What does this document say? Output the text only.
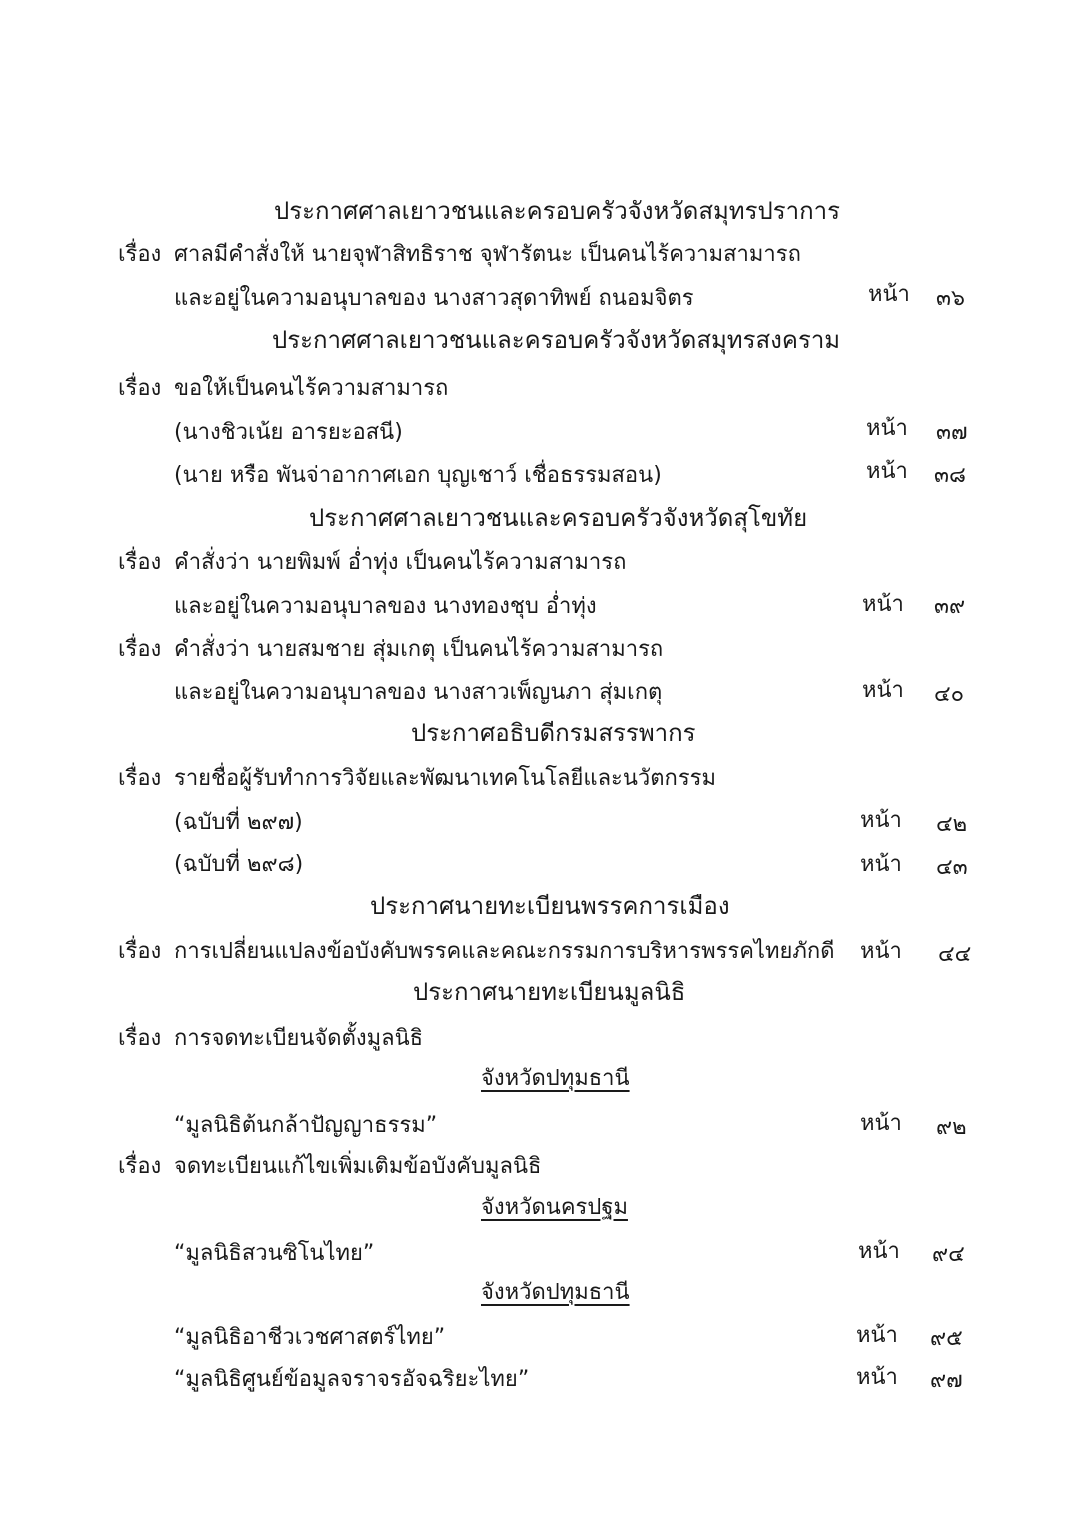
ประกาศศาลเยาวชนและครอบครัวจังหวัดสมุทรปราการ
เรื่อง ศาลมีคำสั่งให้ นายจุฬาสิทธิราช จุฬารัตนะ เป็นคนไร้ความสามารถ
และอยู่ในความอนุบาลของ นางสาวสุดาทิพย์ ถนอมจิตร	หน้า ๓๖
ประกาศศาลเยาวชนและครอบครัวจังหวัดสมุทรสงคราม
เรื่อง ขอให้เป็นคนไร้ความสามารถ
(นางชิวเน้ย อารยะอสนี)	หน้า ๓๗
(นาย หรือ พันจ่าอากาศเอก บุญเชาว์ เชื่อธรรมสอน)	หน้า ๓๘
ประกาศศาลเยาวชนและครอบครัวจังหวัดสุโขทัย
เรื่อง คำสั่งว่า นายพิมพ์ อ่ำทุ่ง เป็นคนไร้ความสามารถ
และอยู่ในความอนุบาลของ นางทองชุบ อ่ำทุ่ง	หน้า ๓๙
เรื่อง คำสั่งว่า นายสมชาย สุ่มเกตุ เป็นคนไร้ความสามารถ
และอยู่ในความอนุบาลของ นางสาวเพ็ญนภา สุ่มเกตุ	หน้า ๔๐
ประกาศอธิบดีกรมสรรพากร
เรื่อง รายชื่อผู้รับทำการวิจัยและพัฒนาเทคโนโลยีและนวัตกรรม
(ฉบับที่ ๒๙๗)	หน้า ๔๒
(ฉบับที่ ๒๙๘)	หน้า ๔๓
ประกาศนายทะเบียนพรรคการเมือง
เรื่อง การเปลี่ยนแปลงข้อบังคับพรรคและคณะกรรมการบริหารพรรคไทยภักดี หน้า ๔๔
ประกาศนายทะเบียนมูลนิธิ
เรื่อง การจดทะเบียนจัดตั้งมูลนิธิ
จังหวัดปทุมธานี
“มูลนิธิต้นกล้าปัญญาธรรม”	หน้า ๙๒
เรื่อง จดทะเบียนแก้ไขเพิ่มเติมข้อบังคับมูลนิธิ
จังหวัดนครปฐม
“มูลนิธิสวนซิโนไทย”	หน้า ๙๔
จังหวัดปทุมธานี
“มูลนิธิอาชีวเวชศาสตร์ไทย”	หน้า ๙๕
“มูลนิธิศูนย์ข้อมูลจราจรอัจฉริยะไทย”	หน้า ๙๗
